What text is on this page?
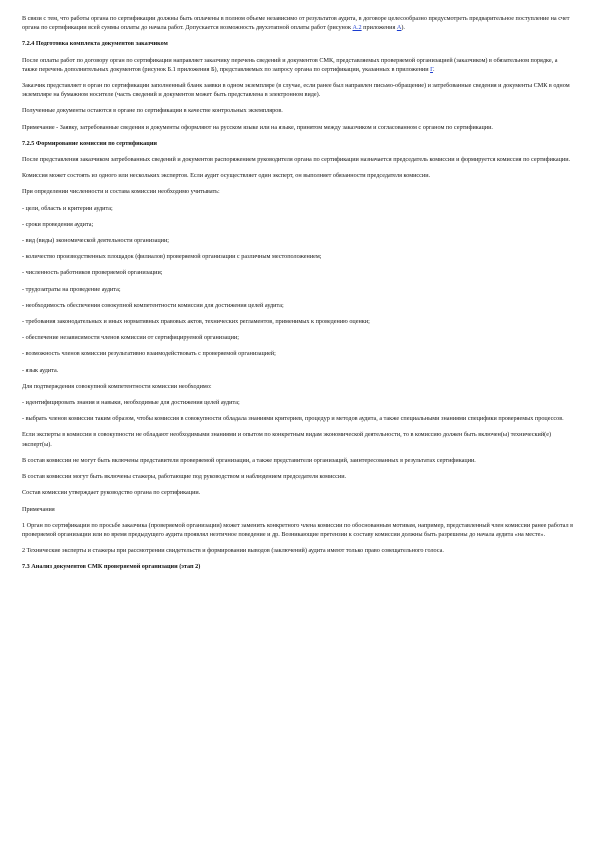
В связи с тем, что работы органа по сертификации должны быть оплачены в полном объеме независимо от результатов аудита, в договоре целесообразно предусмотреть предварительное поступление на счет органа по сертификации всей суммы оплаты до начала работ. Допускается возможность двухэтапной оплаты работ (рисунок А.2 приложения А).

7.2.4 Подготовка комплекта документов заказчиком

После оплаты работ по договору орган по сертификации направляет заказчику перечень сведений и документов СМК, представляемых проверяемой организацией (заказчиком) в обязательном порядке, а также перечень дополнительных документов (рисунок Б.1 приложения Б), представляемых по запросу органа по сертификации, указанных в приложении Г.

Заказчик представляет в орган по сертификации заполненный бланк заявки в одном экземпляре (в случае, если ранее был направлен письмо-обращение) и затребованные сведения и документы СМК в одном экземпляре на бумажном носителе (часть сведений и документов может быть представлена в электронном виде).

Полученные документы остаются в органе по сертификации в качестве контрольных экземпляров.

Примечание - Заявку, затребованные сведения и документы оформляют на русском языке или на языке, принятом между заказчиком и согласованном с органом по сертификации.

7.2.5 Формирование комиссии по сертификации

После представления заказчиком затребованных сведений и документов распоряжением руководителя органа по сертификации назначается председатель комиссии и формируется комиссия по сертификации.

Комиссия может состоять из одного или нескольких экспертов. Если аудит осуществляет один эксперт, он выполняет обязанности председателя комиссии.

При определении численности и состава комиссии необходимо учитывать:

- цели, область и критерии аудита;

- сроки проведения аудита;

- вид (виды) экономической деятельности организации;

- количество производственных площадок (филиалов) проверяемой организации с различным местоположением;

- численность работников проверяемой организации;

- трудозатраты на проведение аудита;

- необходимость обеспечения совокупной компетентности комиссии для достижения целей аудита;

- требования законодательных и иных нормативных правовых актов, технических регламентов, применимых к проведению оценки;

- обеспечение независимости членов комиссии от сертифицируемой организации;

- возможность членов комиссии результативно взаимодействовать с проверяемой организацией;

- язык аудита.

Для подтверждения совокупной компетентности комиссии необходимо:

- идентифицировать знания и навыки, необходимые для достижения целей аудита;

- выбрать членов комиссии таким образом, чтобы комиссия в совокупности обладала знаниями критериев, процедур и методов аудита, а также специальными знаниями специфики проверяемых процессов.

Если эксперты в комиссии в совокупности не обладают необходимыми знаниями и опытом по конкретным видам экономической деятельности, то в комиссию должен быть включен(ы) технический(е) эксперт(ы).

В состав комиссии не могут быть включены представители проверяемой организации, а также представители организаций, заинтересованных в результатах сертификации.

В состав комиссии могут быть включены стажеры, работающие под руководством и наблюдением председателя комиссии.

Состав комиссии утверждает руководство органа по сертификации.

Примечания

1 Орган по сертификации по просьбе заказчика (проверяемой организации) может заменить конкретного члена комиссии по обоснованным мотивам, например, представленный член комиссии ранее работал в проверяемой организации или во время предыдущего аудита проявлял неэтичное поведение и др. Возникающие претензии к составу комиссии должны быть разрешены до начала аудита «на месте».

2 Технические эксперты и стажеры при рассмотрении свидетельств и формировании выводов (заключений) аудита имеют только право совещательного голоса.

7.3 Анализ документов СМК проверяемой организации (этап 2)
